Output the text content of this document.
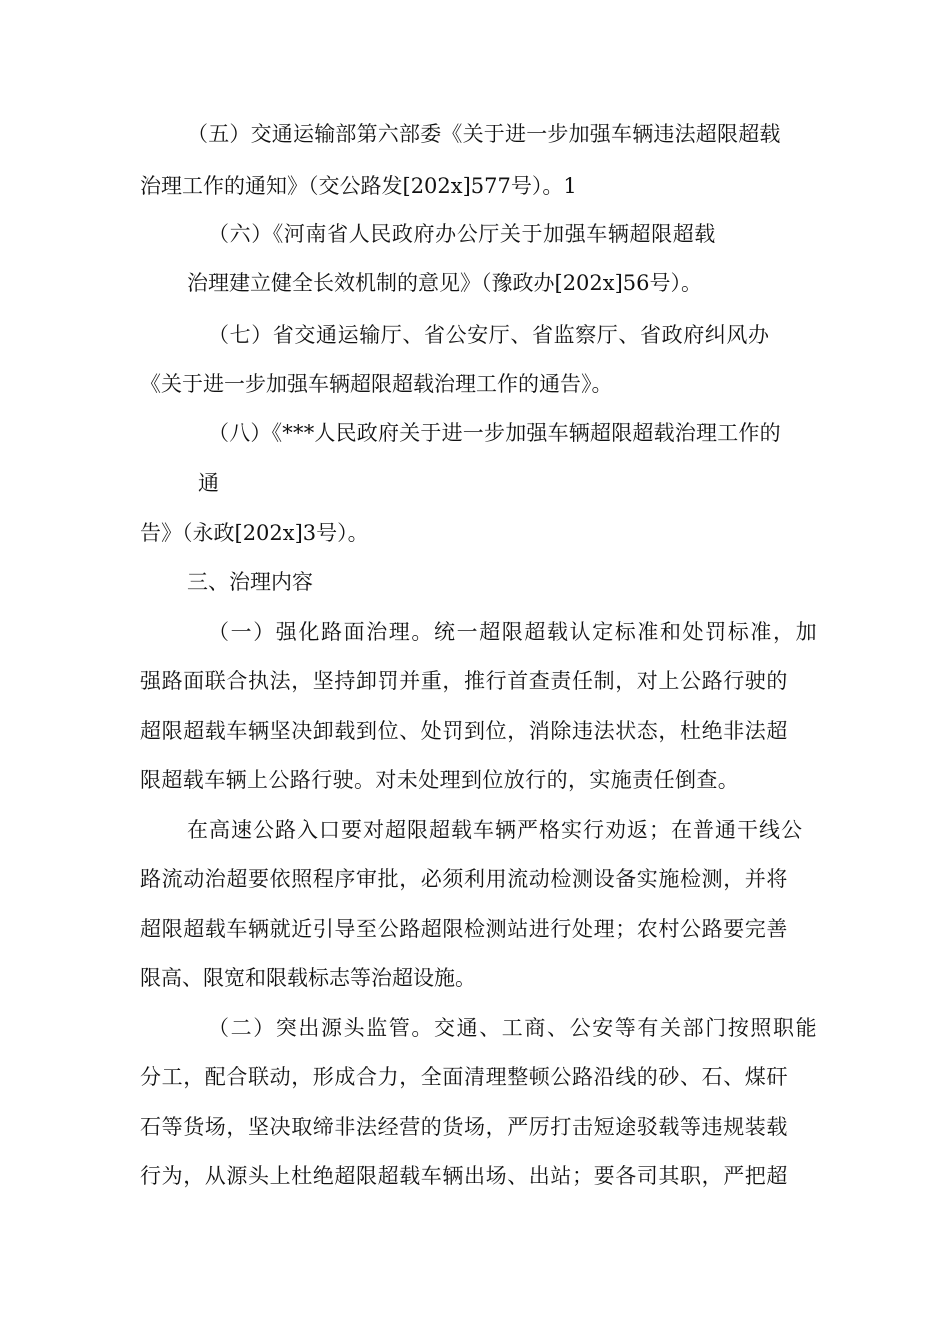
（五）交通运输部第六部委《关于进一步加强车辆违法超限超载
治理工作的通知》（交公路发[202x]577号）。1
（六）《河南省人民政府办公厅关于加强车辆超限超载
治理建立健全长效机制的意见》（豫政办[202x]56号）。
（七）省交通运输厅、省公安厅、省监察厅、省政府纠风办
《关于进一步加强车辆超限超载治理工作的通告》。
（八）《***人民政府关于进一步加强车辆超限超载治理工作的
通
告》（永政[202x]3号）。
三、治理内容
（一）强化路面治理。统一超限超载认定标准和处罚标准，加
强路面联合执法，坚持卸罚并重，推行首查责任制，对上公路行驶的
超限超载车辆坚决卸载到位、处罚到位，消除违法状态，杜绝非法超
限超载车辆上公路行驶。对未处理到位放行的，实施责任倒查。
在高速公路入口要对超限超载车辆严格实行劝返；在普通干线公
路流动治超要依照程序审批，必须利用流动检测设备实施检测，并将
超限超载车辆就近引导至公路超限检测站进行处理；农村公路要完善
限高、限宽和限载标志等治超设施。
（二）突出源头监管。交通、工商、公安等有关部门按照职能
分工，配合联动，形成合力，全面清理整顿公路沿线的砂、石、煤矸
石等货场，坚决取缔非法经营的货场，严厉打击短途驳载等违规装载
行为，从源头上杜绝超限超载车辆出场、出站；要各司其职，严把超
